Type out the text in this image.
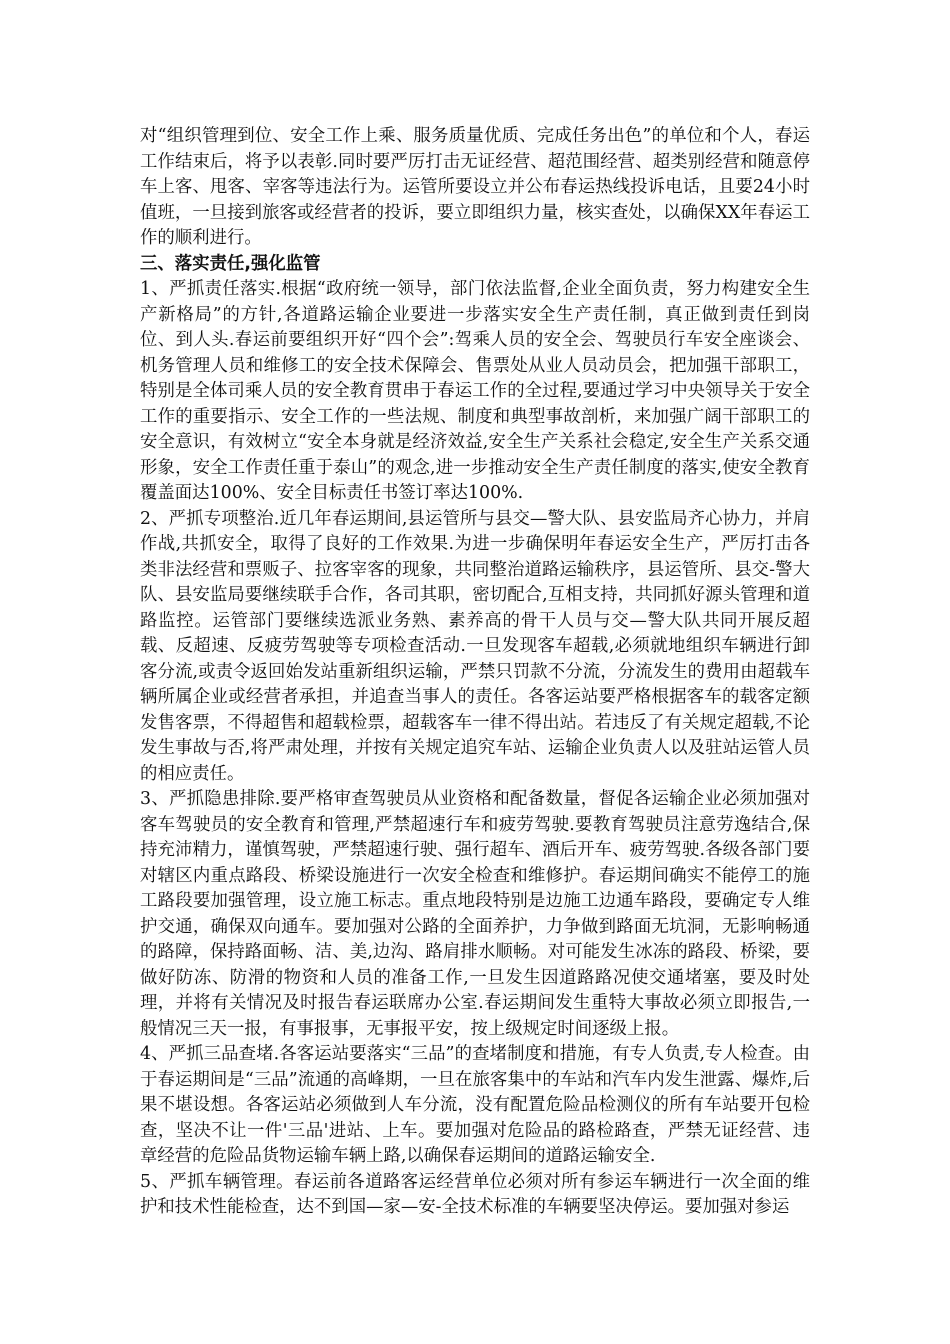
对“组织管理到位、安全工作上乘、服务质量优质、完成任务出色”的单位和个人，春运工作结束后，将予以表彰.同时要严厉打击无证经营、超范围经营、超类别经营和随意停车上客、甩客、宰客等违法行为。运管所要设立并公布春运热线投诉电话，且要24小时值班，一旦接到旅客或经营者的投诉，要立即组织力量，核实查处，以确保XX年春运工作的顺利进行。

三、落实责任,强化监管

1、严抓责任落实.根据“政府统一领导，部门依法监督,企业全面负责，努力构建安全生产新格局”的方针,各道路运输企业要进一步落实安全生产责任制，真正做到责任到岗位、到人头.春运前要组织开好“四个会”:驾乘人员的安全会、驾驶员行车安全座谈会、机务管理人员和维修工的安全技术保障会、售票处从业人员动员会，把加强干部职工，特别是全体司乘人员的安全教育贯串于春运工作的全过程,要通过学习中央领导关于安全工作的重要指示、安全工作的一些法规、制度和典型事故剖析，来加强广阔干部职工的安全意识，有效树立“安全本身就是经济效益,安全生产关系社会稳定,安全生产关系交通形象，安全工作责任重于泰山”的观念,进一步推动安全生产责任制度的落实,使安全教育覆盖面达100%、安全目标责任书签订率达100%.

2、严抓专项整治.近几年春运期间,县运管所与县交—警大队、县安监局齐心协力，并肩作战,共抓安全，取得了良好的工作效果.为进一步确保明年春运安全生产，严厉打击各类非法经营和票贩子、拉客宰客的现象，共同整治道路运输秩序，县运管所、县交-警大队、县安监局要继续联手合作，各司其职，密切配合,互相支持，共同抓好源头管理和道路监控。运管部门要继续选派业务熟、素养高的骨干人员与交—警大队共同开展反超载、反超速、反疲劳驾驶等专项检查活动.一旦发现客车超载,必须就地组织车辆进行卸客分流,或责令返回始发站重新组织运输，严禁只罚款不分流，分流发生的费用由超载车辆所属企业或经营者承担，并追查当事人的责任。各客运站要严格根据客车的载客定额发售客票，不得超售和超载检票，超载客车一律不得出站。若违反了有关规定超载,不论发生事故与否,将严肃处理，并按有关规定追究车站、运输企业负责人以及驻站运管人员的相应责任。

3、严抓隐患排除.要严格审查驾驶员从业资格和配备数量，督促各运输企业必须加强对客车驾驶员的安全教育和管理,严禁超速行车和疲劳驾驶.要教育驾驶员注意劳逸结合,保持充沛精力，谨慎驾驶，严禁超速行驶、强行超车、酒后开车、疲劳驾驶.各级各部门要对辖区内重点路段、桥梁设施进行一次安全检查和维修护。春运期间确实不能停工的施工路段要加强管理，设立施工标志。重点地段特别是边施工边通车路段，要确定专人维护交通，确保双向通车。要加强对公路的全面养护，力争做到路面无坑洞，无影响畅通的路障，保持路面畅、洁、美,边沟、路肩排水顺畅。对可能发生冰冻的路段、桥梁，要做好防冻、防滑的物资和人员的准备工作,一旦发生因道路路况使交通堵塞，要及时处理，并将有关情况及时报告春运联席办公室.春运期间发生重特大事故必须立即报告,一般情况三天一报，有事报事，无事报平安，按上级规定时间逐级上报。

4、严抓三品查堵.各客运站要落实“三品”的查堵制度和措施，有专人负责,专人检查。由于春运期间是“三品”流通的高峰期，一旦在旅客集中的车站和汽车内发生泄露、爆炸,后果不堪设想。各客运站必须做到人车分流，没有配置危险品检测仪的所有车站要开包检查，坚决不让一件'三品'进站、上车。要加强对危险品的路检路查，严禁无证经营、违章经营的危险品货物运输车辆上路,以确保春运期间的道路运输安全.

5、严抓车辆管理。春运前各道路客运经营单位必须对所有参运车辆进行一次全面的维护和技术性能检查，达不到国—家—安-全技术标准的车辆要坚决停运。要加强对参运
